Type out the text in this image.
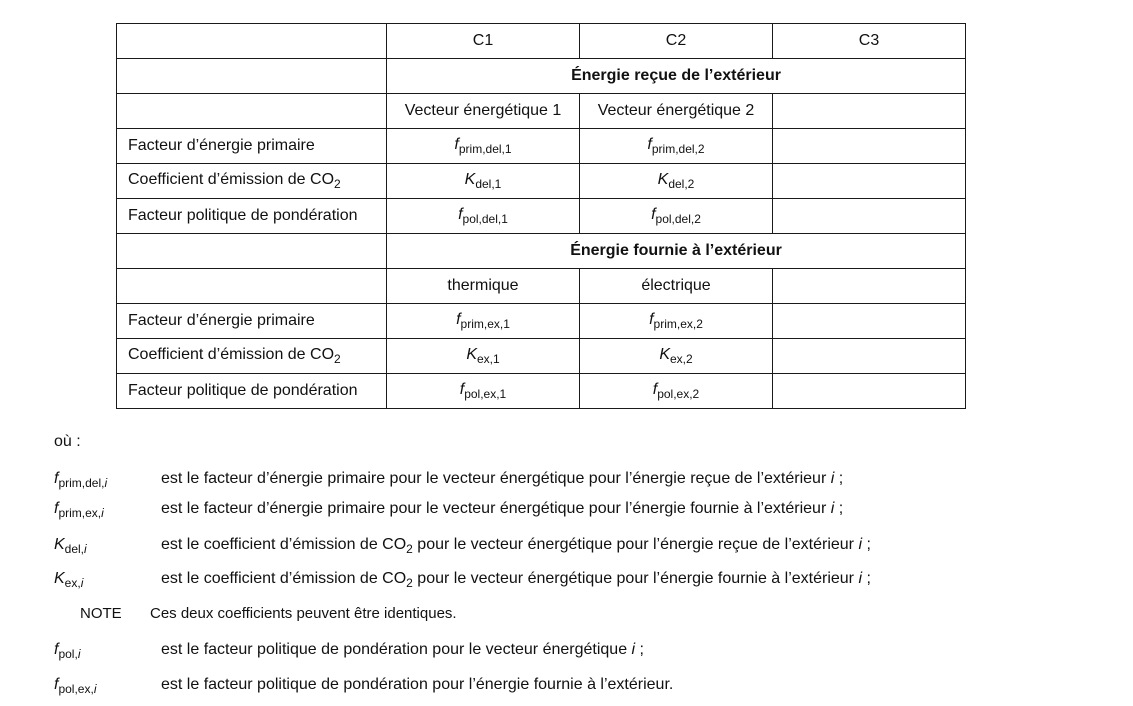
	C1	C2	C3
	Énergie reçue de l’extérieur		
	Vecteur énergétique 1	Vecteur énergétique 2	
Facteur d’énergie primaire	$f_{prim,del,1}$	$f_{prim,del,2}$	
Coefficient d’émission de $CO_2$	$K_{del,1}$	$K_{del,2}$	
Facteur politique de pondération	$f_{pol,del,1}$	$f_{pol,del,2}$	
	Énergie fournie à l’extérieur		
	thermique	électrique	
Facteur d’énergie primaire	$f_{prim,ex,1}$	$f_{prim,ex,2}$	
Coefficient d’émission de $CO_2$	$K_{ex,1}$	$K_{ex,2}$	
Facteur politique de pondération	$f_{pol,ex,1}$	$f_{pol,ex,2}$	
où :
$f_{prim,del,i}$	est le facteur d’énergie primaire pour le vecteur énergétique pour l’énergie reçue de l’extérieur i ;
$f_{prim,ex,i}$	est le facteur d’énergie primaire pour le vecteur énergétique pour l’énergie fournie à l’extérieur i ;
$K_{del,i}$	est le coefficient d’émission de $CO_2$ pour le vecteur énergétique pour l’énergie reçue de l’extérieur i ;
$K_{ex,i}$	est le coefficient d’émission de $CO_2$ pour le vecteur énergétique pour l’énergie fournie à l’extérieur i ;
NOTE Ces deux coefficients peuvent être identiques.
$f_{pol,i}$	est le facteur politique de pondération pour le vecteur énergétique i ;
$f_{pol,ex,i}$	est le facteur politique de pondération pour l’énergie fournie à l’extérieur.
